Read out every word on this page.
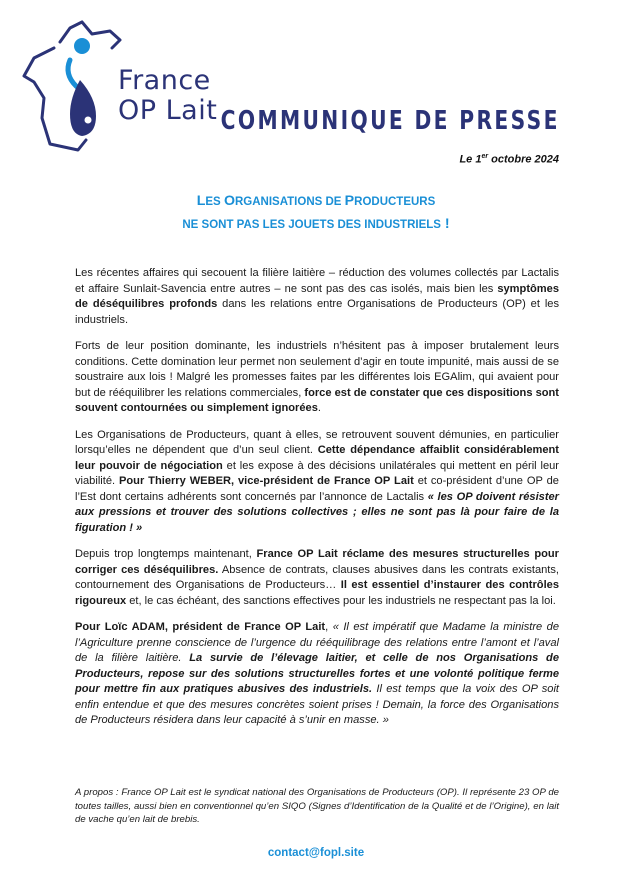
France
OP Lait COMMUNIQUE DE PRESSE
Le 1er octobre 2024
LES ORGANISATIONS DE PRODUCTEURS
NE SONT PAS LES JOUETS DES INDUSTRIELS !

Les récentes affaires qui secouent la filière laitière – réduction des volumes collectés par Lactalis et affaire Sunlait-Savencia entre autres – ne sont pas des cas isolés, mais bien les symptômes de déséquilibres profonds dans les relations entre Organisations de Producteurs (OP) et les industriels.

Forts de leur position dominante, les industriels n’hésitent pas à imposer brutalement leurs conditions. Cette domination leur permet non seulement d’agir en toute impunité, mais aussi de se soustraire aux lois ! Malgré les promesses faites par les différentes lois EGAlim, qui avaient pour but de rééquilibrer les relations commerciales, force est de constater que ces dispositions sont souvent contournées ou simplement ignorées.

Les Organisations de Producteurs, quant à elles, se retrouvent souvent démunies, en particulier lorsqu’elles ne dépendent que d’un seul client. Cette dépendance affaiblit considérablement leur pouvoir de négociation et les expose à des décisions unilatérales qui mettent en péril leur viabilité. Pour Thierry WEBER, vice-président de France OP Lait et co-président d’une OP de l’Est dont certains adhérents sont concernés par l’annonce de Lactalis « les OP doivent résister aux pressions et trouver des solutions collectives ; elles ne sont pas là pour faire de la figuration ! »

Depuis trop longtemps maintenant, France OP Lait réclame des mesures structurelles pour corriger ces déséquilibres. Absence de contrats, clauses abusives dans les contrats existants, contournement des Organisations de Producteurs… Il est essentiel d’instaurer des contrôles rigoureux et, le cas échéant, des sanctions effectives pour les industriels ne respectant pas la loi.

Pour Loïc ADAM, président de France OP Lait, « Il est impératif que Madame la ministre de l’Agriculture prenne conscience de l’urgence du rééquilibrage des relations entre l’amont et l’aval de la filière laitière. La survie de l’élevage laitier, et celle de nos Organisations de Producteurs, repose sur des solutions structurelles fortes et une volonté politique ferme pour mettre fin aux pratiques abusives des industriels. Il est temps que la voix des OP soit enfin entendue et que des mesures concrètes soient prises ! Demain, la force des Organisations de Producteurs résidera dans leur capacité à s’unir en masse. »

A propos : France OP Lait est le syndicat national des Organisations de Producteurs (OP). Il représente 23 OP de toutes tailles, aussi bien en conventionnel qu’en SIQO (Signes d’Identification de la Qualité et de l’Origine), en lait de vache qu’en lait de brebis.
contact@fopl.site
